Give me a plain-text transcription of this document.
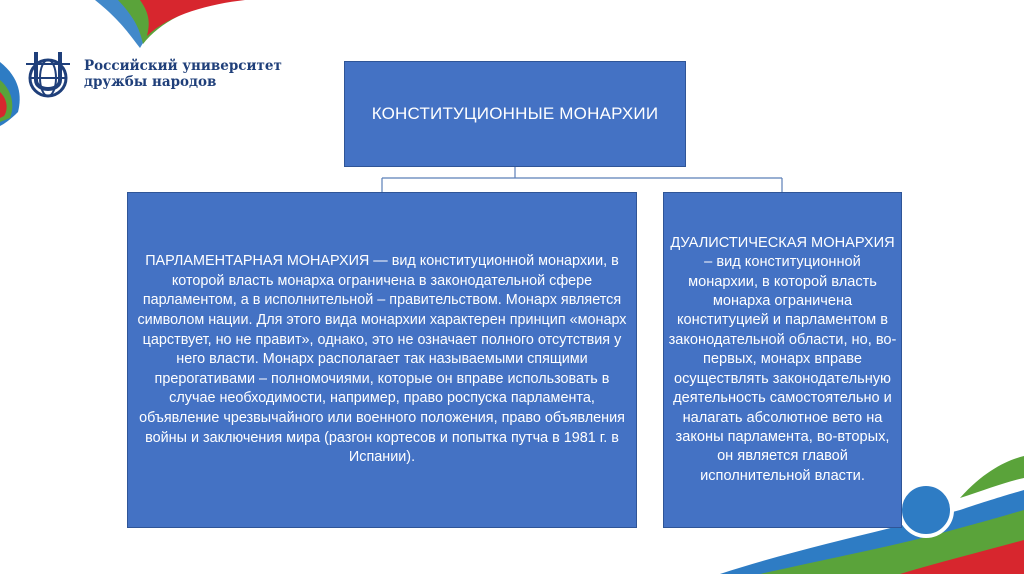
Российский университет
дружбы народов
КОНСТИТУЦИОННЫЕ МОНАРХИИ
ПАРЛАМЕНТАРНАЯ МОНАРХИЯ — вид конституционной монархии, в которой власть монарха ограничена в законодательной сфере парламентом, а в исполнительной – правительством. Монарх является символом нации. Для этого вида монархии характерен принцип «монарх царствует, но не правит», однако, это не означает полного отсутствия у него власти. Монарх располагает так называемыми спящими прерогативами – полномочиями, которые он вправе использовать в случае необходимости, например, право роспуска парламента, объявление чрезвычайного или военного положения, право объявления войны и заключения мира (разгон кортесов и попытка путча в 1981 г. в Испании).
ДУАЛИСТИЧЕСКАЯ МОНАРХИЯ – вид конституционной монархии, в которой власть монарха ограничена конституцией и парламентом в законодательной области, но, во-первых, монарх вправе осуществлять законодательную деятельность самостоятельно и налагать абсолютное вето на законы парламента, во-вторых, он является главой исполнительной власти.
